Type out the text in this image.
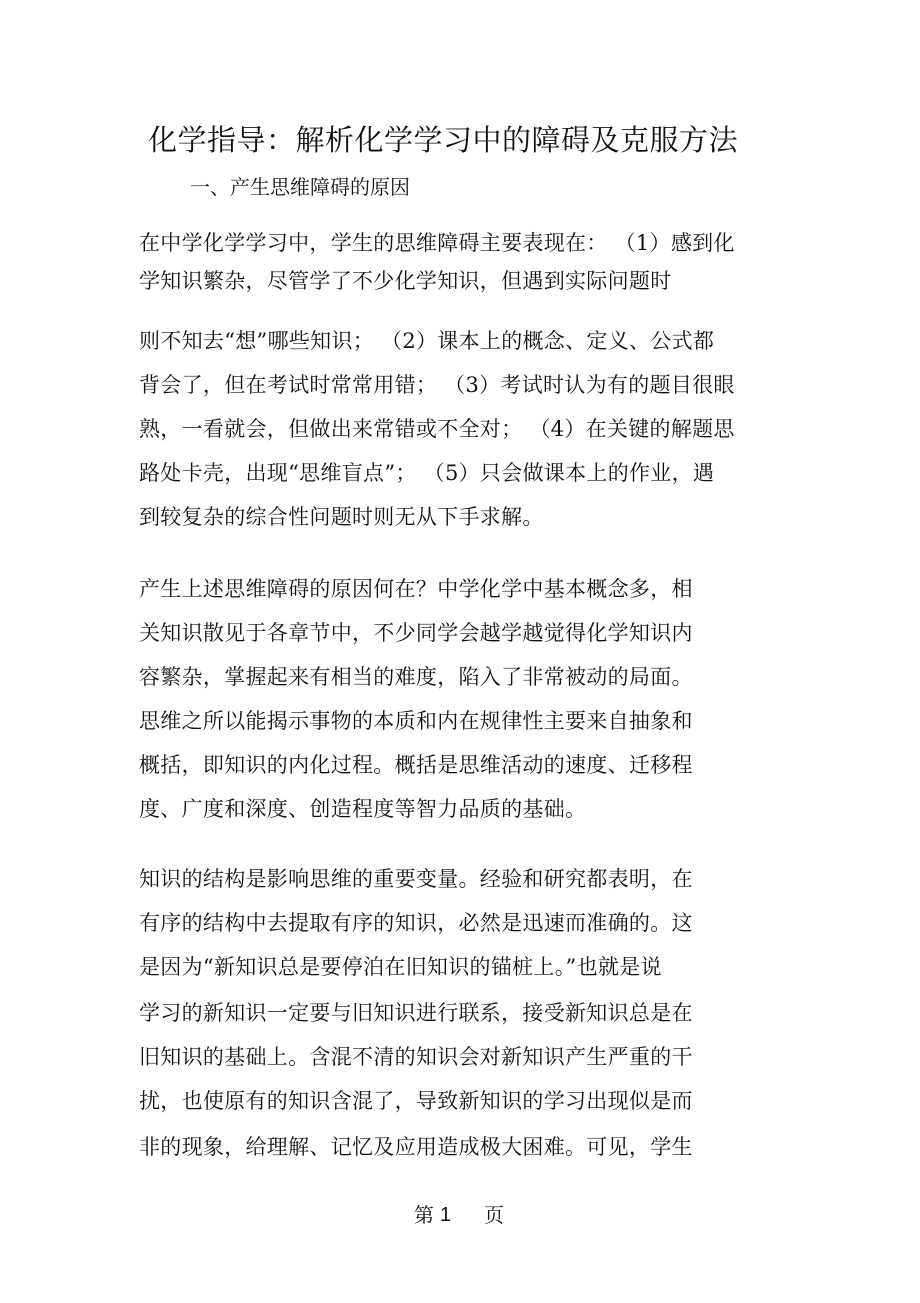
化学指导：解析化学学习中的障碍及克服方法
一、产生思维障碍的原因
在中学化学学习中，学生的思维障碍主要表现在： （1）感到化
学知识繁杂，尽管学了不少化学知识，但遇到实际问题时
则不知去“想”哪些知识； （2）课本上的概念、定义、公式都
背会了，但在考试时常常用错； （3）考试时认为有的题目很眼
熟，一看就会，但做出来常错或不全对； （4）在关键的解题思
路处卡壳，出现“思维盲点”； （5）只会做课本上的作业，遇
到较复杂的综合性问题时则无从下手求解。
产生上述思维障碍的原因何在？中学化学中基本概念多，相
关知识散见于各章节中，不少同学会越学越觉得化学知识内
容繁杂，掌握起来有相当的难度，陷入了非常被动的局面。
思维之所以能揭示事物的本质和内在规律性主要来自抽象和
概括，即知识的内化过程。概括是思维活动的速度、迁移程
度、广度和深度、创造程度等智力品质的基础。
知识的结构是影响思维的重要变量。经验和研究都表明，在
有序的结构中去提取有序的知识，必然是迅速而准确的。这
是因为“新知识总是要停泊在旧知识的锚桩上。”也就是说
学习的新知识一定要与旧知识进行联系，接受新知识总是在
旧知识的基础上。含混不清的知识会对新知识产生严重的干
扰，也使原有的知识含混了，导致新知识的学习出现似是而
非的现象，给理解、记忆及应用造成极大困难。可见，学生
第 1 页
